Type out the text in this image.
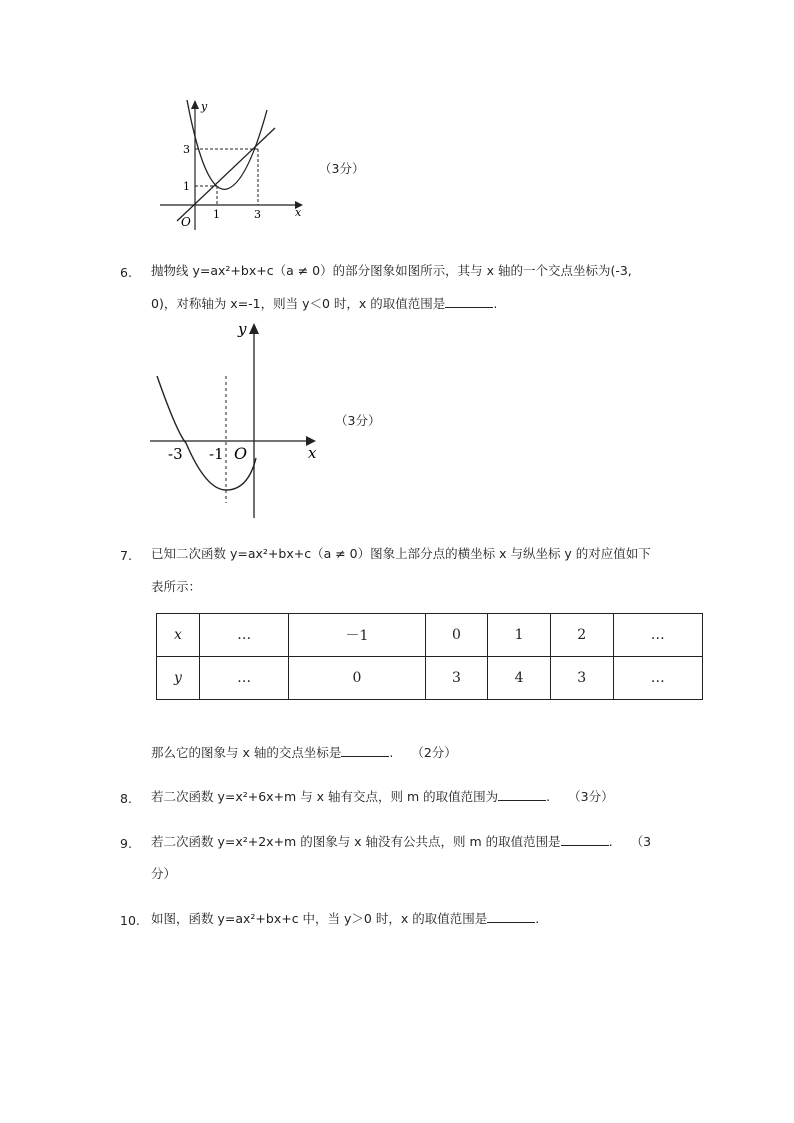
y
x
O
3
1
1	3
（3分）
6. 抛物线 y=ax²+bx+c（a ≠ 0）的部分图象如图所示，其与 x 轴的一个交点坐标为(-3,
0)，对称轴为 x=-1，则当 y＜0 时，x 的取值范围是	.
y
x
O
-3 -1
（3分）
7. 已知二次函数 y=ax²+bx+c（a ≠ 0）图象上部分点的横坐标 x 与纵坐标 y 的对应值如下
表所示：
x	…	－1	0	1	2	…
y	…	0	3	4	3	…
那么它的图象与 x 轴的交点坐标是	. （2分）
8. 若二次函数 y=x²+6x+m 与 x 轴有交点，则 m 的取值范围为	. （3分）
9. 若二次函数 y=x²+2x+m 的图象与 x 轴没有公共点，则 m 的取值范围是	. （3
分）
10. 如图，函数 y=ax²+bx+c 中，当 y＞0 时，x 的取值范围是	.
